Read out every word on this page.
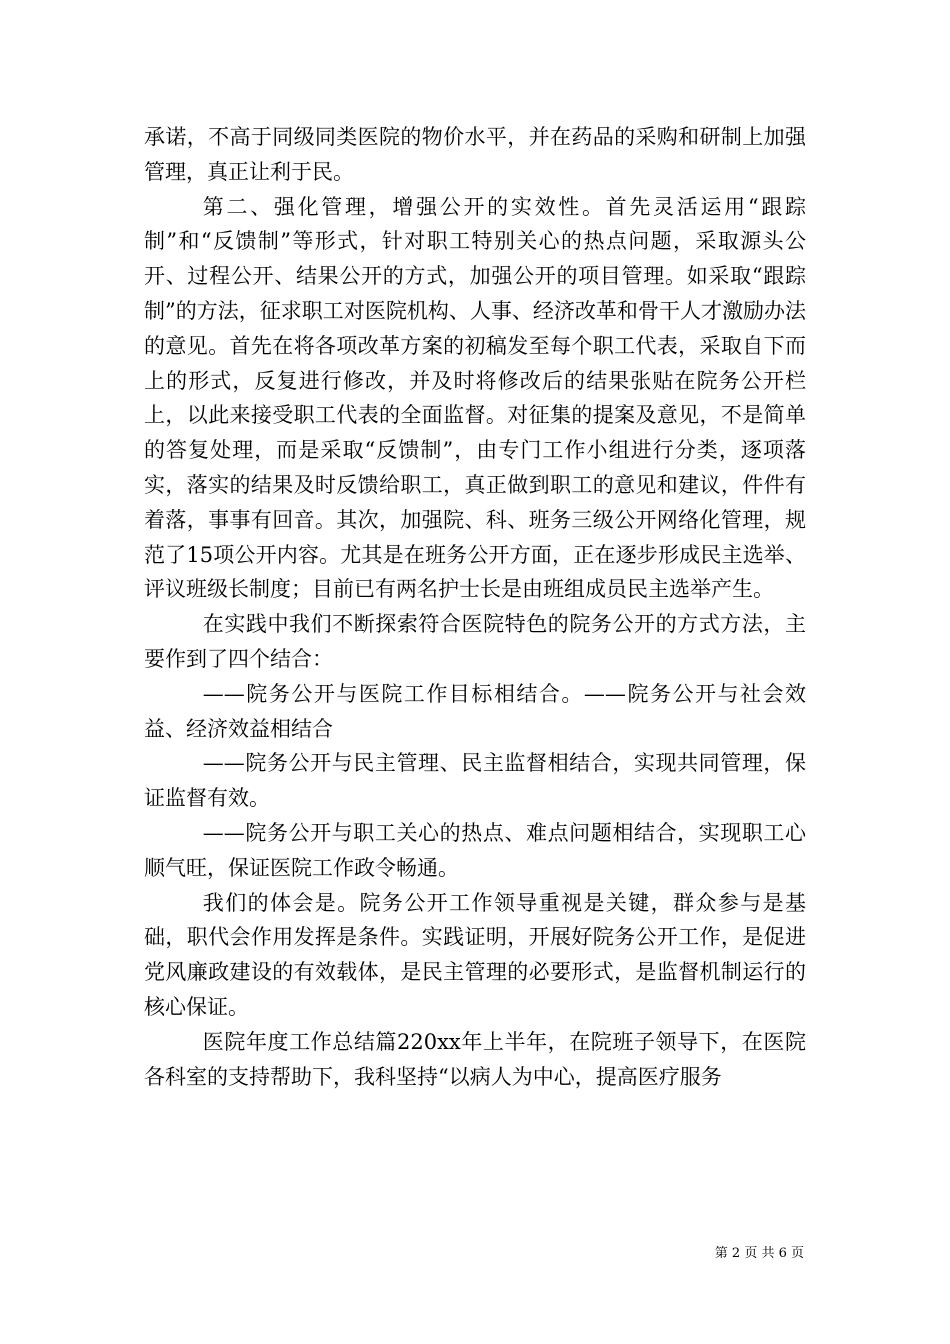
承诺，不高于同级同类医院的物价水平，并在药品的采购和研制上加强管理，真正让利于民。

第二、强化管理，增强公开的实效性。首先灵活运用“跟踪制”和“反馈制”等形式，针对职工特别关心的热点问题，采取源头公开、过程公开、结果公开的方式，加强公开的项目管理。如采取“跟踪制”的方法，征求职工对医院机构、人事、经济改革和骨干人才激励办法的意见。首先在将各项改革方案的初稿发至每个职工代表，采取自下而上的形式，反复进行修改，并及时将修改后的结果张贴在院务公开栏上，以此来接受职工代表的全面监督。对征集的提案及意见，不是简单的答复处理，而是采取“反馈制”，由专门工作小组进行分类，逐项落实，落实的结果及时反馈给职工，真正做到职工的意见和建议，件件有着落，事事有回音。其次，加强院、科、班务三级公开网络化管理，规范了15项公开内容。尤其是在班务公开方面，正在逐步形成民主选举、评议班级长制度；目前已有两名护士长是由班组成员民主选举产生。

在实践中我们不断探索符合医院特色的院务公开的方式方法，主要作到了四个结合：

——院务公开与医院工作目标相结合。——院务公开与社会效益、经济效益相结合

——院务公开与民主管理、民主监督相结合，实现共同管理，保证监督有效。

——院务公开与职工关心的热点、难点问题相结合，实现职工心顺气旺，保证医院工作政令畅通。

我们的体会是。院务公开工作领导重视是关键，群众参与是基础，职代会作用发挥是条件。实践证明，开展好院务公开工作，是促进党风廉政建设的有效载体，是民主管理的必要形式，是监督机制运行的核心保证。

医院年度工作总结篇220xx年上半年，在院班子领导下，在医院各科室的支持帮助下，我科坚持“以病人为中心，提高医疗服务

第 2 页 共 6 页
